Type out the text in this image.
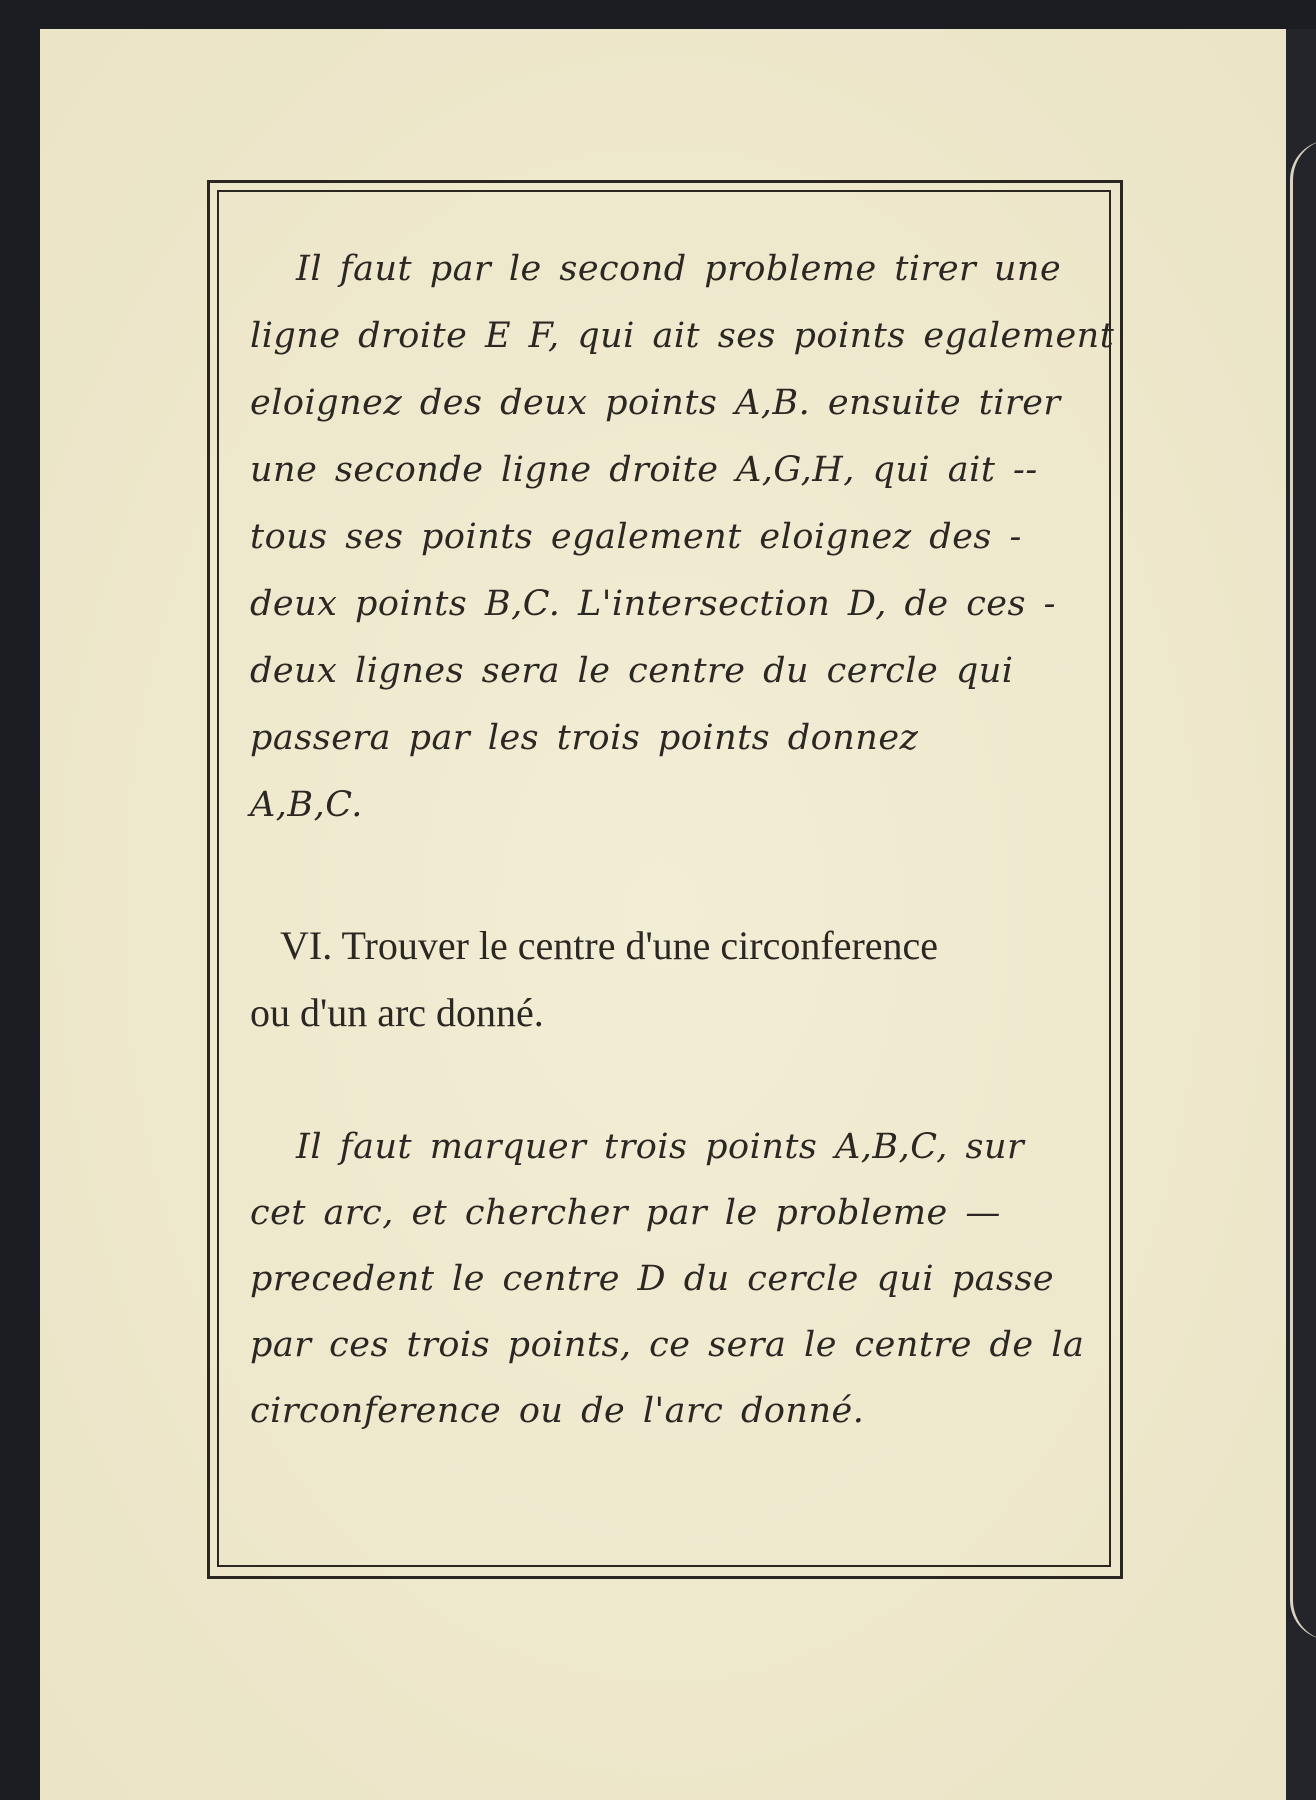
Il faut par le second probleme tirer une
ligne droite E F, qui ait ses points egalement
eloignez des deux points A,B. ensuite tirer
une seconde ligne droite A,G,H, qui ait --
tous ses points egalement eloignez des -
deux points B,C. L'intersection D, de ces -
deux lignes sera le centre du cercle qui
passera par les trois points donnez
A,B,C.
VI. Trouver le centre d'une circonference
ou d'un arc donné.
Il faut marquer trois points A,B,C, sur
cet arc, et chercher par le probleme —
precedent le centre D du cercle qui passe
par ces trois points, ce sera le centre de la
circonference ou de l'arc donné.
